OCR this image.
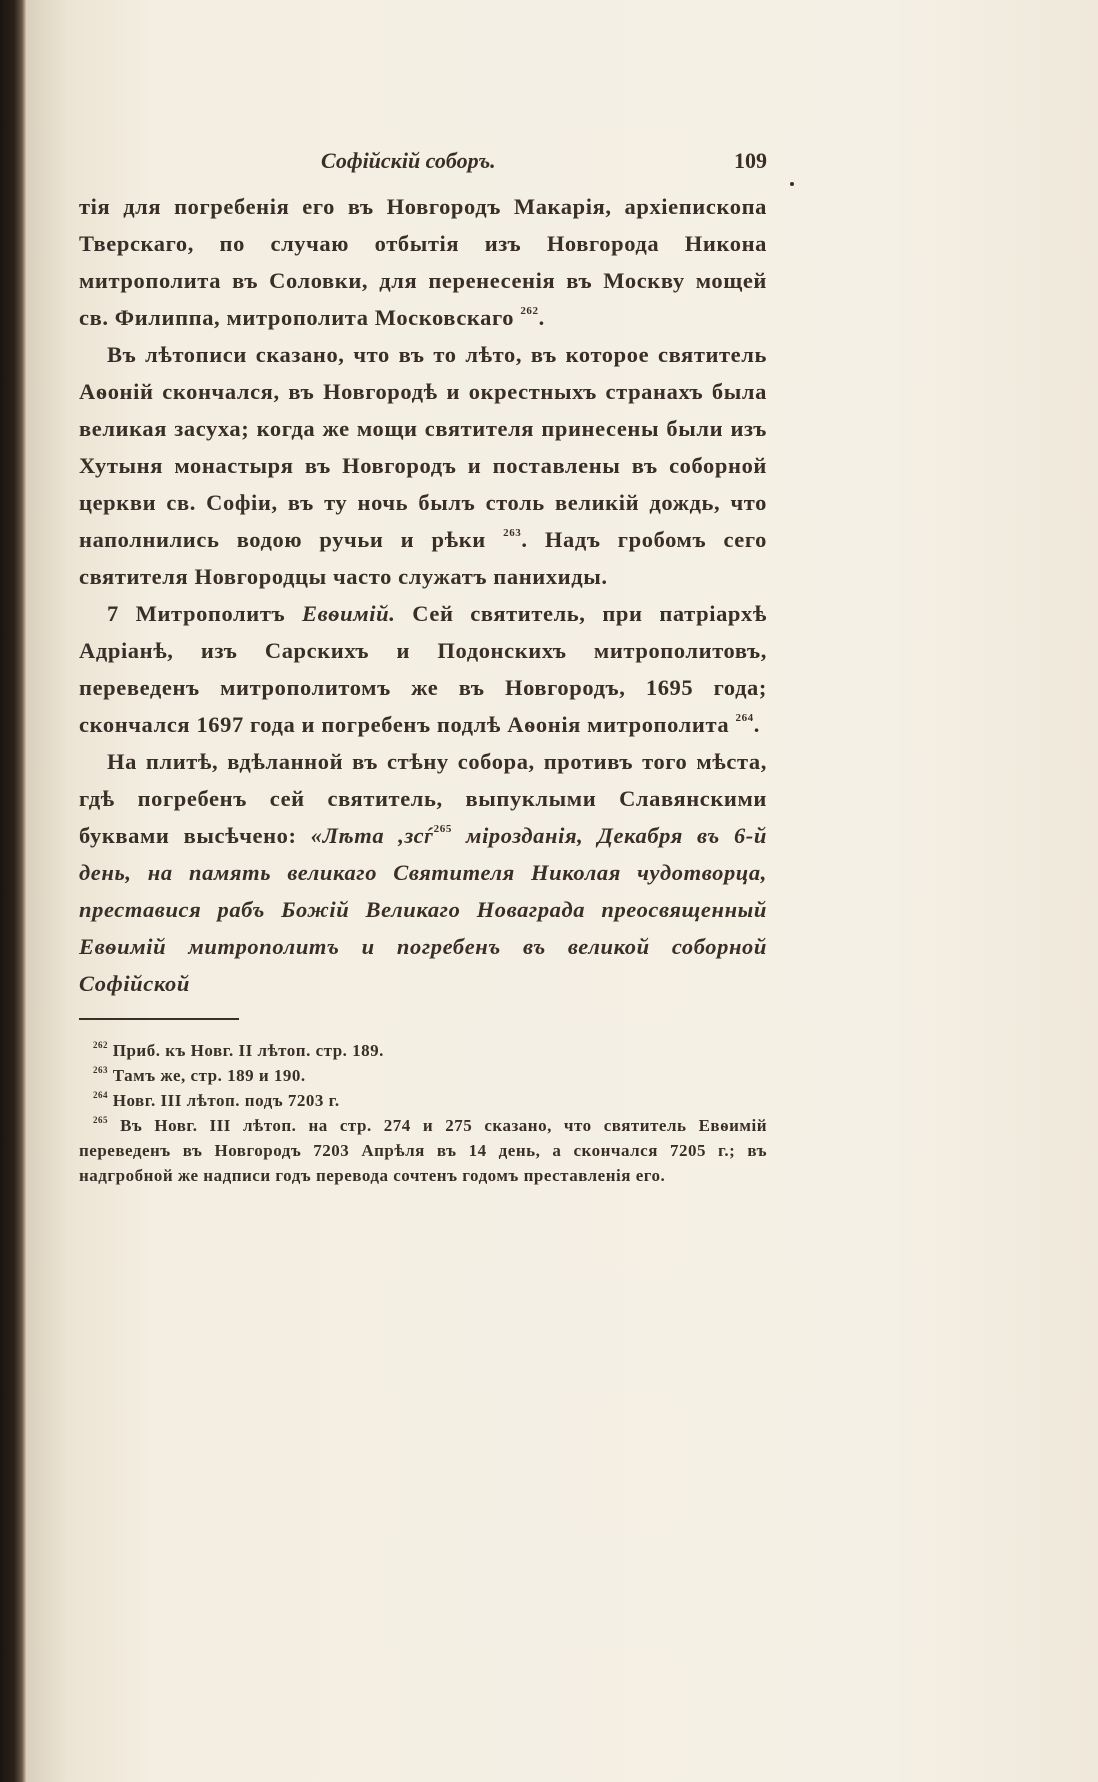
Софійскій соборъ.	109

тія для погребенія его въ Новгородъ Макарія, архіепископа Тверскаго, по случаю отбытія изъ Новгорода Никона митрополита въ Соловки, для перенесенія въ Москву мощей св. Филиппа, митрополита Московскаго $^{262}$.

Въ лѣтописи сказано, что въ то лѣто, въ которое святитель Аѳоній скончался, въ Новгородѣ и окрестныхъ странахъ была великая засуха; когда же мощи святителя принесены были изъ Хутыня монастыря въ Новгородъ и поставлены въ соборной церкви св. Софіи, въ ту ночь былъ столь великій дождь, что наполнились водою ручьи и рѣки $^{263}$. Надъ гробомъ сего святителя Новгородцы часто служатъ панихиды.

7 Митрополитъ Евѳимій. Сей святитель, при патріархѣ Адріанѣ, изъ Сарскихъ и Подонскихъ митрополитовъ, переведенъ митрополитомъ же въ Новгородъ, 1695 года; скончался 1697 года и погребенъ подлѣ Аѳонія митрополита $^{264}$.

На плитѣ, вдѣланной въ стѣну собора, противъ того мѣста, гдѣ погребенъ сей святитель, выпуклыми Славянскими буквами высѣчено: «Лѣта ,зсѓ$^{265}$ мірозданія, Декабря въ 6-й день, на память великаго Святителя Николая чудотворца, преставися рабъ Божій Великаго Новаграда преосвященный Евѳимій митрополитъ и погребенъ въ великой соборной Софійской

$^{262}$ Приб. къ Новг. II лѣтоп. стр. 189.

$^{263}$ Тамъ же, стр. 189 и 190.

$^{264}$ Новг. III лѣтоп. подъ 7203 г.

$^{265}$ Въ Новг. III лѣтоп. на стр. 274 и 275 сказано, что святитель Евѳимій переведенъ въ Новгородъ 7203 Апрѣля въ 14 день, а скончался 7205 г.; въ надгробной же надписи годъ перевода сочтенъ годомъ преставленія его.
